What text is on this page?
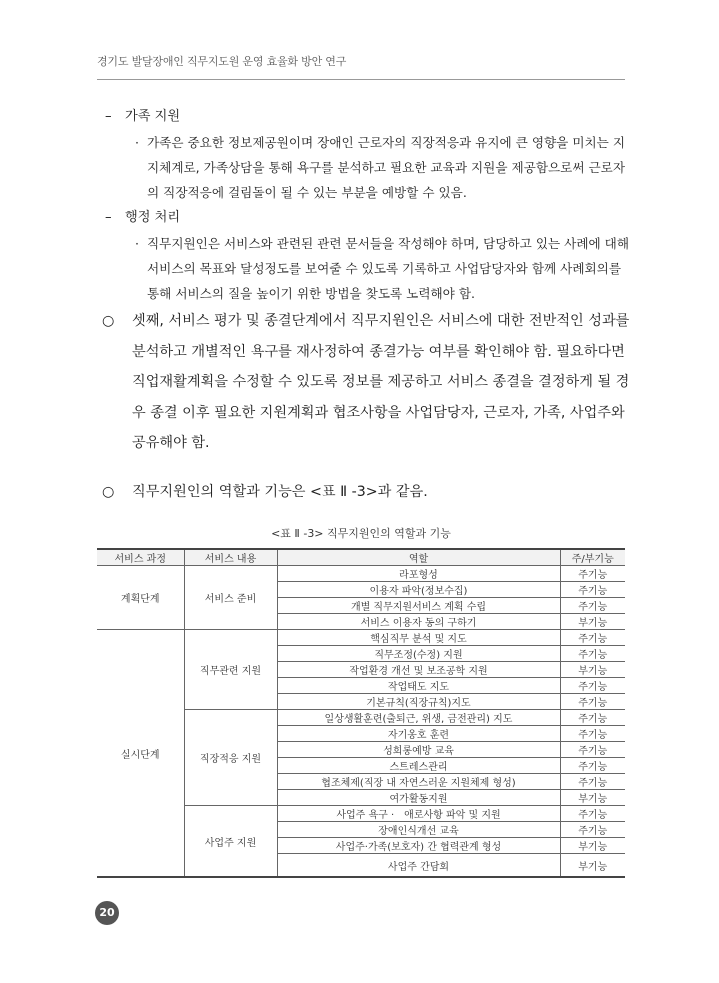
경기도 발달장애인 직무지도원 운영 효율화 방안 연구
– 가족 지원
· 가족은 중요한 정보제공원이며 장애인 근로자의 직장적응과 유지에 큰 영향을 미치는 지지체계로, 가족상담을 통해 욕구를 분석하고 필요한 교육과 지원을 제공함으로써 근로자의 직장적응에 걸림돌이 될 수 있는 부분을 예방할 수 있음.
– 행정 처리
· 직무지원인은 서비스와 관련된 관련 문서들을 작성해야 하며, 담당하고 있는 사례에 대해 서비스의 목표와 달성정도를 보여줄 수 있도록 기록하고 사업담당자와 함께 사례회의를 통해 서비스의 질을 높이기 위한 방법을 찾도록 노력해야 함.
○ 셋째, 서비스 평가 및 종결단계에서 직무지원인은 서비스에 대한 전반적인 성과를 분석하고 개별적인 욕구를 재사정하여 종결가능 여부를 확인해야 함. 필요하다면 직업재활계획을 수정할 수 있도록 정보를 제공하고 서비스 종결을 결정하게 될 경우 종결 이후 필요한 지원계획과 협조사항을 사업담당자, 근로자, 가족, 사업주와 공유해야 함.
○ 직무지원인의 역할과 기능은 <표 Ⅱ -3>과 같음.
<표 Ⅱ -3> 직무지원인의 역할과 기능
서비스 과정	서비스 내용	역할	주/부기능
계획단계	서비스 준비	라포형성	주기능
		이용자 파악(정보수집)	주기능
		개별 직무지원서비스 계획 수립	주기능
		서비스 이용자 동의 구하기	부기능
실시단계	직무관련 지원	핵심직무 분석 및 지도	주기능
		직무조정(수정) 지원	주기능
		작업환경 개선 및 보조공학 지원	부기능
		작업태도 지도	주기능
		기본규칙(직장규칙)지도	주기능
	직장적응 지원	일상생활훈련(출퇴근, 위생, 금전관리) 지도	주기능
		자기옹호 훈련	주기능
		성희롱예방 교육	주기능
		스트레스관리	주기능
		협조체제(직장 내 자연스러운 지원체제 형성)	주기능
		여가활동지원	부기능
	사업주 지원	사업주 욕구 ·　애로사항 파악 및 지원	주기능
		장애인식개선 교육	주기능
		사업주·가족(보호자) 간 협력관계 형성	부기능
		사업주 간담회	부기능
20
